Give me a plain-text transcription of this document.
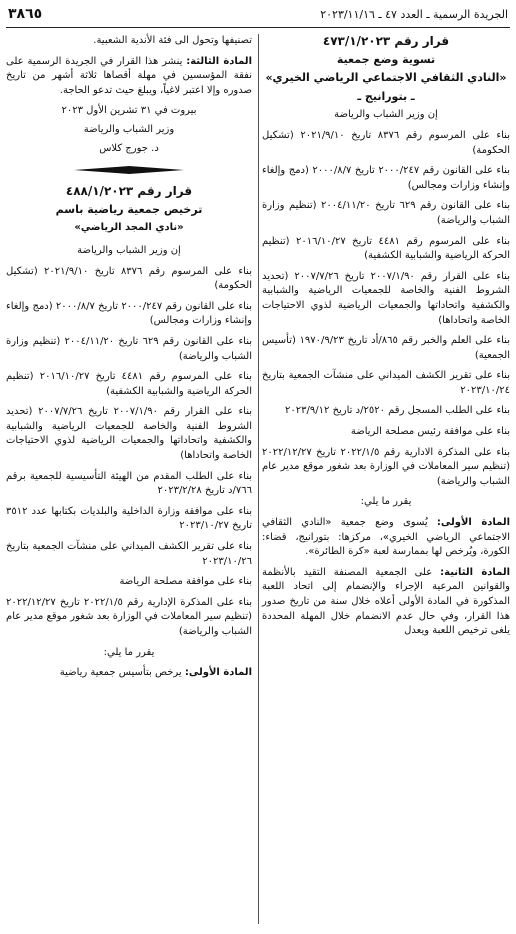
الجريدة الرسمية ـ العدد ٤٧ ـ ٢٠٢٣/١١/١٦
٣٨٦٥
قرار رقم ٤٧٣/١/٢٠٢٣
تسوية وضع جمعية
«النادي الثقافي الاجتماعي الرياضي الخيري»
ـ بتورانيج ـ

إن وزير الشباب والرياضة

بناء على المرسوم رقم ٨٣٧٦ تاريخ ٢٠٢١/٩/١٠ (تشكيل الحكومة)

بناء على القانون رقم ٢٠٠٠/٢٤٧ تاريخ ٢٠٠٠/٨/٧ (دمج وإلغاء وإنشاء وزارات ومجالس)

بناء على القانون رقم ٦٢٩ تاريخ ٢٠٠٤/١١/٢٠ (تنظيم وزارة الشباب والرياضة)

بناء على المرسوم رقم ٤٤٨١ تاريخ ٢٠١٦/١٠/٢٧ (تنظيم الحركة الرياضية والشبابية الكشفية)

بناء على القرار رقم ٢٠٠٧/١/٩٠ تاريخ ٢٠٠٧/٧/٢٦ (تحديد الشروط الفنية والخاصة للجمعيات الرياضية والشبابية والكشفية واتحاداتها والجمعيات الرياضية لذوي الاحتياجات الخاصة واتحاداها)

بناء على العلم والخبر رقم ٨٦٥/أد تاريخ ١٩٧٠/٩/٢٣ (تأسيس الجمعية)

بناء على تقرير الكشف الميداني على منشآت الجمعية بتاريخ ٢٠٢٣/١٠/٢٤

بناء على الطلب المسجل رقم ٢٥٢٠/د تاريخ ٢٠٢٣/٩/١٢

بناء على موافقة رئيس مصلحة الرياضة

بناء على المذكرة الادارية رقم ٢٠٢٢/١/٥ تاريخ ٢٠٢٢/١٢/٢٧ (تنظيم سير المعاملات في الوزارة بعد شغور موقع مدير عام الشباب والرياضة)

يقرر ما يلي:

المادة الأولى: يُسوى وضع جمعية «النادي الثقافي الاجتماعي الرياضي الخيري»، مركزها: بتورانيج، قضاء: الكورة، ويُرخص لها بممارسة لعبة «كرة الطائرة».

المادة الثانية: على الجمعية المصنفة التقيد بالأنظمة والقوانين المرعية الإجراء والإنضمام إلى اتحاد اللعبة المذكورة في المادة الأولى أعلاه خلال سنة من تاريخ صدور هذا القرار، وفي حال عدم الانضمام خلال المهلة المحددة يلغى ترخيص اللعبة ويعدل

تصنيفها وتحول الى فئة الأندية الشعبية.

المادة الثالثة: ينشر هذا القرار في الجريدة الرسمية على نفقة المؤسسين في مهلة أقصاها ثلاثة أشهر من تاريخ صدوره وإلا اعتبر لاغياً، ويبلغ حيث تدعو الحاجة.

بيروت في ٣١ تشرين الأول ٢٠٢٣

وزير الشباب والرياضة

د. جورج كلاس

قرار رقم ٤٨٨/١/٢٠٢٣
ترخيص جمعية رياضية باسم
«نادي المجد الرياضي»

إن وزير الشباب والرياضة

بناء على المرسوم رقم ٨٣٧٦ تاريخ ٢٠٢١/٩/١٠ (تشكيل الحكومة)

بناء على القانون رقم ٢٠٠٠/٢٤٧ تاريخ ٢٠٠٠/٨/٧ (دمج وإلغاء وإنشاء وزارات ومجالس)

بناء على القانون رقم ٦٢٩ تاريخ ٢٠٠٤/١١/٢٠ (تنظيم وزارة الشباب والرياضة)

بناء على المرسوم رقم ٤٤٨١ تاريخ ٢٠١٦/١٠/٢٧ (تنظيم الحركة الرياضية والشبابية الكشفية)

بناء على القرار رقم ٢٠٠٧/١/٩٠ تاريخ ٢٠٠٧/٧/٢٦ (تحديد الشروط الفنية والخاصة للجمعيات الرياضية والشبابية والكشفية واتحاداتها والجمعيات الرياضية لذوي الاحتياجات الخاصة واتحاداها)

بناء على الطلب المقدم من الهيئة التأسيسية للجمعية برقم ٧٦٦/د تاريخ ٢٠٢٣/٢/٢٨

بناء على موافقة وزارة الداخلية والبلديات بكتابها عدد ٣٥١٢ تاريخ ٢٠٢٣/١٠/٢٧

بناء على تقرير الكشف الميداني على منشآت الجمعية بتاريخ ٢٠٢٣/١٠/٢٦

بناء على موافقة مصلحة الرياضة

بناء على المذكرة الإدارية رقم ٢٠٢٢/١/٥ تاريخ ٢٠٢٢/١٢/٢٧ (تنظيم سير المعاملات في الوزارة بعد شغور موقع مدير عام الشباب والرياضة)

يقرر ما يلي:

المادة الأولى: يرخص بتأسيس جمعية رياضية
